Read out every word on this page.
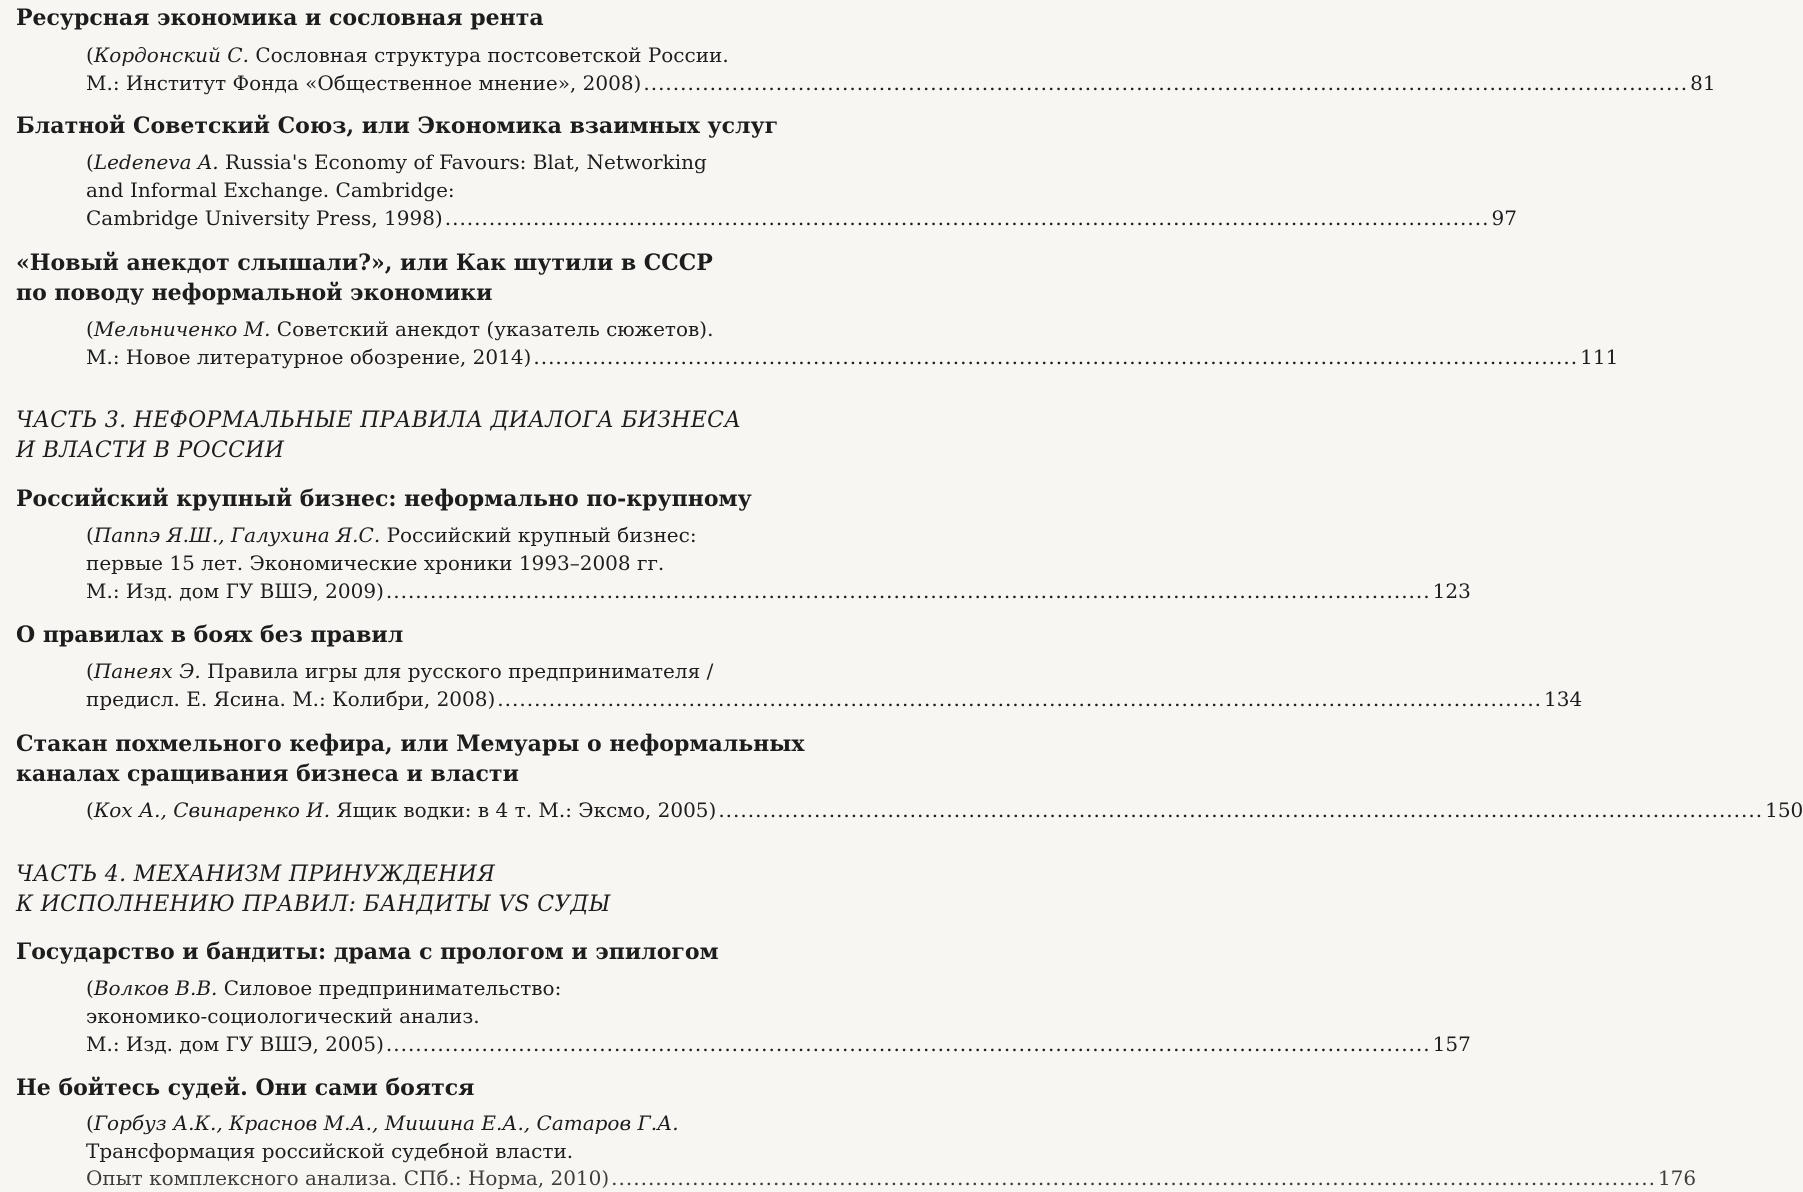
Ресурсная экономика и сословная рента
(Кордонский С. Сословная структура постсоветской России.
М.: Институт Фонда «Общественное мнение», 2008) .............................................................................................................................................. 81
Блатной Советский Союз, или Экономика взаимных услуг
(Ledeneva A. Russia's Economy of Favours: Blat, Networking
and Informal Exchange. Cambridge:
Cambridge University Press, 1998) .............................................................................................................................................. 97
«Новый анекдот слышали?», или Как шутили в СССР
по поводу неформальной экономики
(Мельниченко М. Советский анекдот (указатель сюжетов).
М.: Новое литературное обозрение, 2014) .............................................................................................................................................. 111
ЧАСТЬ 3. НЕФОРМАЛЬНЫЕ ПРАВИЛА ДИАЛОГА БИЗНЕСА
И ВЛАСТИ В РОССИИ
Российский крупный бизнес: неформально по-крупному
(Паппэ Я.Ш., Галухина Я.С. Российский крупный бизнес:
первые 15 лет. Экономические хроники 1993–2008 гг.
М.: Изд. дом ГУ ВШЭ, 2009) .............................................................................................................................................. 123
О правилах в боях без правил
(Панеях Э. Правила игры для русского предпринимателя /
предисл. Е. Ясина. М.: Колибри, 2008) .............................................................................................................................................. 134
Стакан похмельного кефира, или Мемуары о неформальных
каналах сращивания бизнеса и власти
(Кох А., Свинаренко И. Ящик водки: в 4 т. М.: Эксмо, 2005) .............................................................................................................................................. 150
ЧАСТЬ 4. МЕХАНИЗМ ПРИНУЖДЕНИЯ
К ИСПОЛНЕНИЮ ПРАВИЛ: БАНДИТЫ VS СУДЫ
Государство и бандиты: драма с прологом и эпилогом
(Волков В.В. Силовое предпринимательство:
экономико-социологический анализ.
М.: Изд. дом ГУ ВШЭ, 2005) .............................................................................................................................................. 157
Не бойтесь судей. Они сами боятся
(Горбуз А.К., Краснов М.А., Мишина Е.А., Сатаров Г.А.
Трансформация российской судебной власти.
Опыт комплексного анализа. СПб.: Норма, 2010) .............................................................................................................................................. 176
